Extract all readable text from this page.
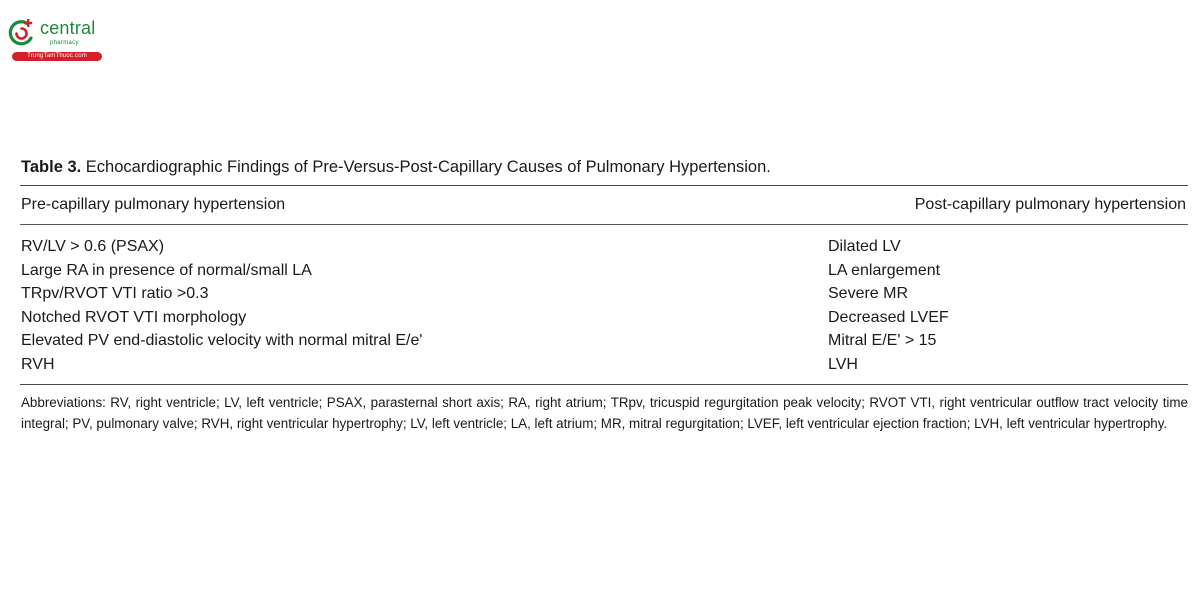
central
pharmacy
TrungTamThuoc.com
Table 3. Echocardiographic Findings of Pre-Versus-Post-Capillary Causes of Pulmonary Hypertension.
Pre-capillary pulmonary hypertension	Post-capillary pulmonary hypertension
RV/LV > 0.6 (PSAX)
Large RA in presence of normal/small LA
TRpv/RVOT VTI ratio >0.3
Notched RVOT VTI morphology
Elevated PV end-diastolic velocity with normal mitral E/e'
RVH
Dilated LV
LA enlargement
Severe MR
Decreased LVEF
Mitral E/E' > 15
LVH
Abbreviations: RV, right ventricle; LV, left ventricle; PSAX, parasternal short axis; RA, right atrium; TRpv, tricuspid regurgitation peak velocity; RVOT VTI, right ventricular outflow tract velocity time integral; PV, pulmonary valve; RVH, right ventricular hypertrophy; LV, left ventricle; LA, left atrium; MR, mitral regurgitation; LVEF, left ventricular ejection fraction; LVH, left ventricular hypertrophy.
